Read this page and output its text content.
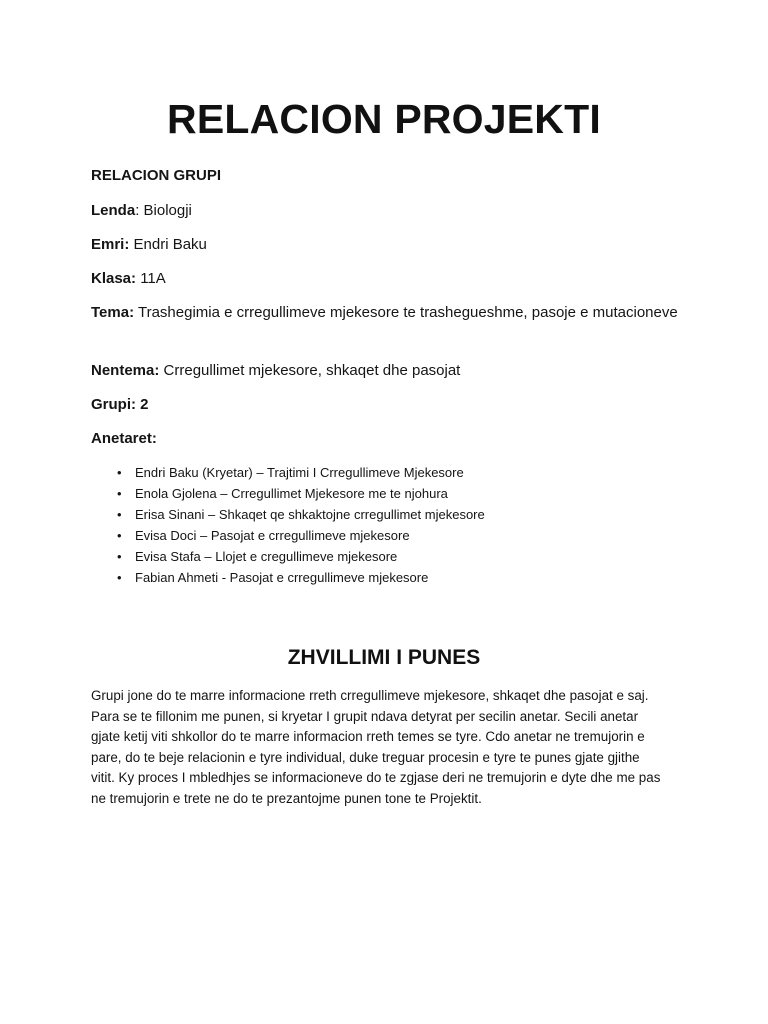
RELACION PROJEKTI
RELACION GRUPI
Lenda: Biologji
Emri: Endri Baku
Klasa: 11A
Tema: Trashegimia e crregullimeve mjekesore te trashegueshme, pasoje e mutacioneve
Nentema: Crregullimet mjekesore, shkaqet dhe pasojat
Grupi: 2
Anetaret:
• Endri Baku (Kryetar) – Trajtimi I Crregullimeve Mjekesore
• Enola Gjolena – Crregullimet Mjekesore me te njohura
• Erisa Sinani – Shkaqet qe shkaktojne crregullimet mjekesore
• Evisa Doci – Pasojat e crregullimeve mjekesore
• Evisa Stafa – Llojet e cregullimeve mjekesore
• Fabian Ahmeti - Pasojat e crregullimeve mjekesore
ZHVILLIMI I PUNES

Grupi jone do te marre informacione rreth crregullimeve mjekesore, shkaqet dhe pasojat e saj.
Para se te fillonim me punen, si kryetar I grupit ndava detyrat per secilin anetar. Secili anetar
gjate ketij viti shkollor do te marre informacion rreth temes se tyre. Cdo anetar ne tremujorin e
pare, do te beje relacionin e tyre individual, duke treguar procesin e tyre te punes gjate gjithe
vitit. Ky proces I mbledhjes se informacioneve do te zgjase deri ne tremujorin e dyte dhe me pas
ne tremujorin e trete ne do te prezantojme punen tone te Projektit.
